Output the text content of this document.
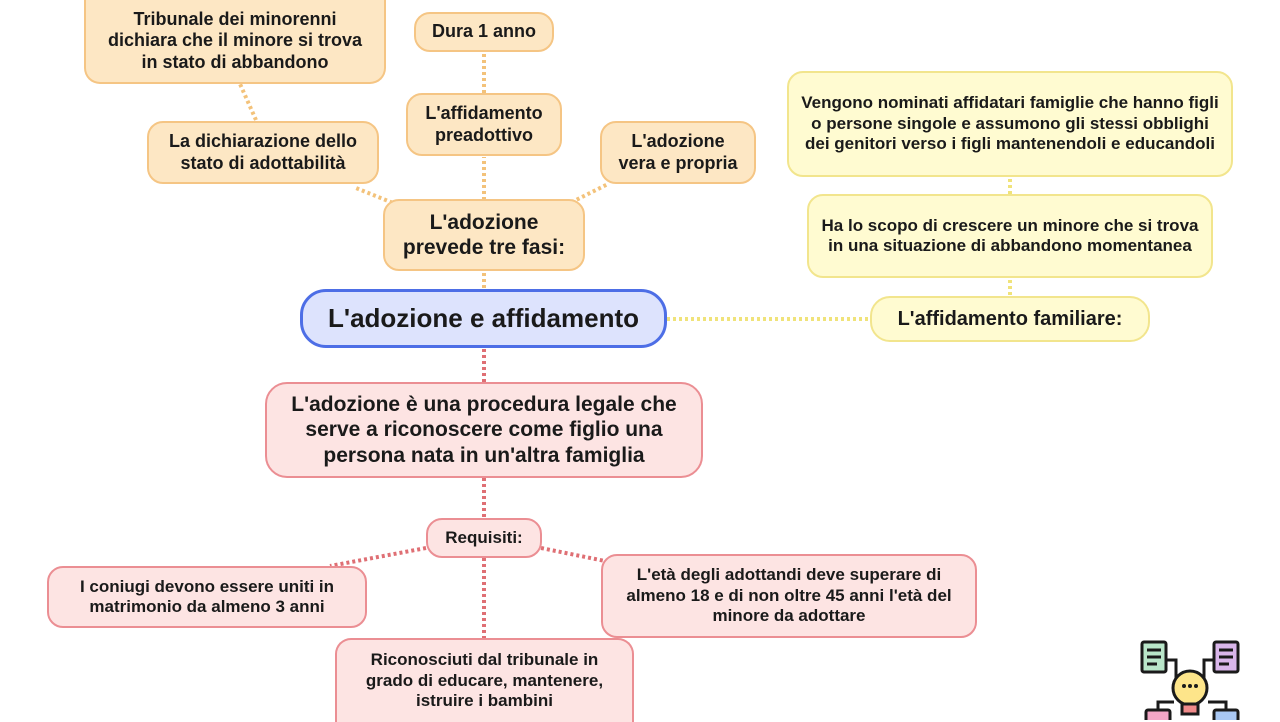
L'adozione e affidamento
L'adozione prevede tre fasi:
La dichiarazione dello stato di adottabilità
Tribunale dei minorenni dichiara che il minore si trova in stato di abbandono
L'affidamento preadottivo
Dura 1 anno
L'adozione vera e propria
L'affidamento familiare:
Ha lo scopo di crescere un minore che si trova in una situazione di abbandono momentanea
Vengono nominati affidatari famiglie che hanno figli o persone singole e assumono gli stessi obblighi dei genitori verso i figli mantenendoli e educandoli
L'adozione è una procedura legale che serve a riconoscere come figlio una persona nata in un'altra famiglia
Requisiti:
I coniugi devono essere uniti in matrimonio da almeno 3 anni
Riconosciuti dal tribunale in grado di educare, mantenere, istruire i bambini
L'età degli adottandi deve superare di almeno 18 e di non oltre 45 anni l'età del minore da adottare
